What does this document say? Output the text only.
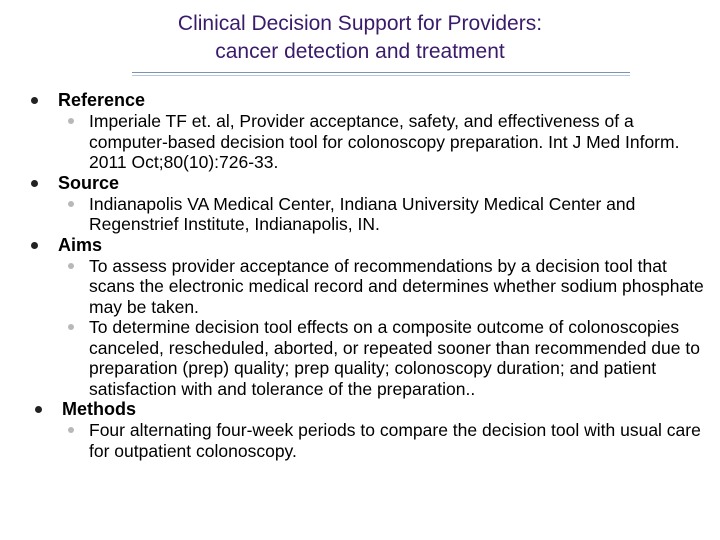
Clinical Decision Support for Providers:
cancer detection and treatment
Reference
Imperiale TF et. al, Provider acceptance, safety, and effectiveness of a computer-based decision tool for colonoscopy preparation. Int J Med Inform. 2011 Oct;80(10):726-33.
Source
Indianapolis VA Medical Center, Indiana University Medical Center and Regenstrief Institute, Indianapolis, IN.
Aims
To assess provider acceptance of recommendations by a decision tool that scans the electronic medical record and determines whether sodium phosphate may be taken.
To determine decision tool effects on a composite outcome of colonoscopies canceled, rescheduled, aborted, or repeated sooner than recommended due to preparation (prep) quality; prep quality; colonoscopy duration; and patient satisfaction with and tolerance of the preparation..
Methods
Four alternating four-week periods to compare the decision tool with usual care for outpatient colonoscopy.
